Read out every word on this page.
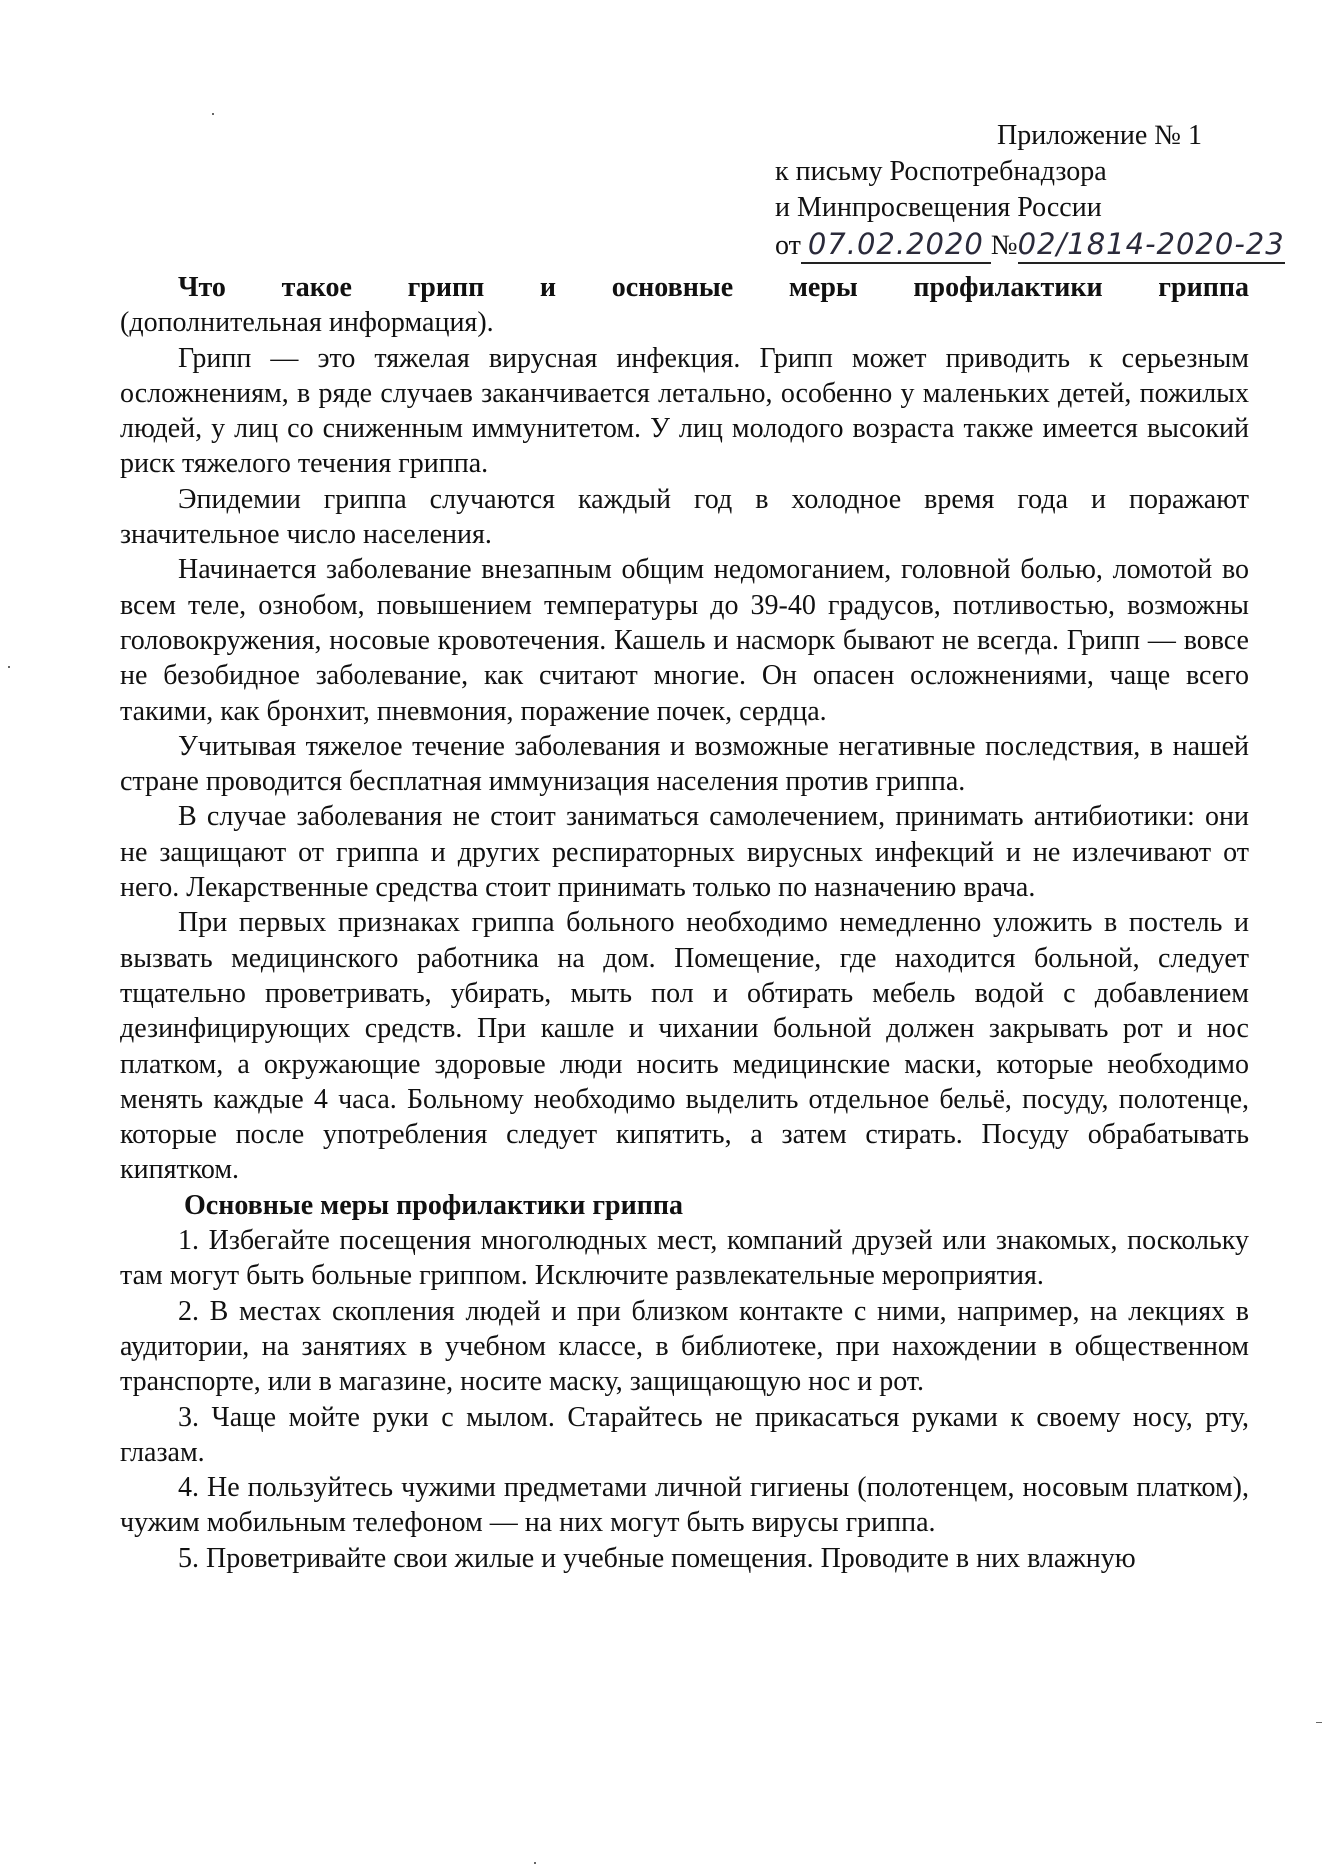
Приложение № 1
к письму Роспотребнадзора
и Минпросвещения России
от 07.02.2020 №02/1814-2020-23

Что такое грипп и основные меры профилактики гриппа

(дополнительная информация).

Грипп — это тяжелая вирусная инфекция. Грипп может приводить к серьезным осложнениям, в ряде случаев заканчивается летально, особенно у маленьких детей, пожилых людей, у лиц со сниженным иммунитетом. У лиц молодого возраста также имеется высокий риск тяжелого течения гриппа.

Эпидемии гриппа случаются каждый год в холодное время года и поражают значительное число населения.

Начинается заболевание внезапным общим недомоганием, головной болью, ломотой во всем теле, ознобом, повышением температуры до 39-40 градусов, потливостью, возможны головокружения, носовые кровотечения. Кашель и насморк бывают не всегда. Грипп — вовсе не безобидное заболевание, как считают многие. Он опасен осложнениями, чаще всего такими, как бронхит, пневмония, поражение почек, сердца.

Учитывая тяжелое течение заболевания и возможные негативные последствия, в нашей стране проводится бесплатная иммунизация населения против гриппа.

В случае заболевания не стоит заниматься самолечением, принимать антибиотики: они не защищают от гриппа и других респираторных вирусных инфекций и не излечивают от него. Лекарственные средства стоит принимать только по назначению врача.

При первых признаках гриппа больного необходимо немедленно уложить в постель и вызвать медицинского работника на дом. Помещение, где находится больной, следует тщательно проветривать, убирать, мыть пол и обтирать мебель водой с добавлением дезинфицирующих средств. При кашле и чихании больной должен закрывать рот и нос платком, а окружающие здоровые люди носить медицинские маски, которые необходимо менять каждые 4 часа. Больному необходимо выделить отдельное бельё, посуду, полотенце, которые после употребления следует кипятить, а затем стирать. Посуду обрабатывать кипятком.

Основные меры профилактики гриппа

1. Избегайте посещения многолюдных мест, компаний друзей или знакомых, поскольку там могут быть больные гриппом. Исключите развлекательные мероприятия.

2. В местах скопления людей и при близком контакте с ними, например, на лекциях в аудитории, на занятиях в учебном классе, в библиотеке, при нахождении в общественном транспорте, или в магазине, носите маску, защищающую нос и рот.

3. Чаще мойте руки с мылом. Старайтесь не прикасаться руками к своему носу, рту, глазам.

4. Не пользуйтесь чужими предметами личной гигиены (полотенцем, носовым платком), чужим мобильным телефоном — на них могут быть вирусы гриппа.

5. Проветривайте свои жилые и учебные помещения. Проводите в них влажную
